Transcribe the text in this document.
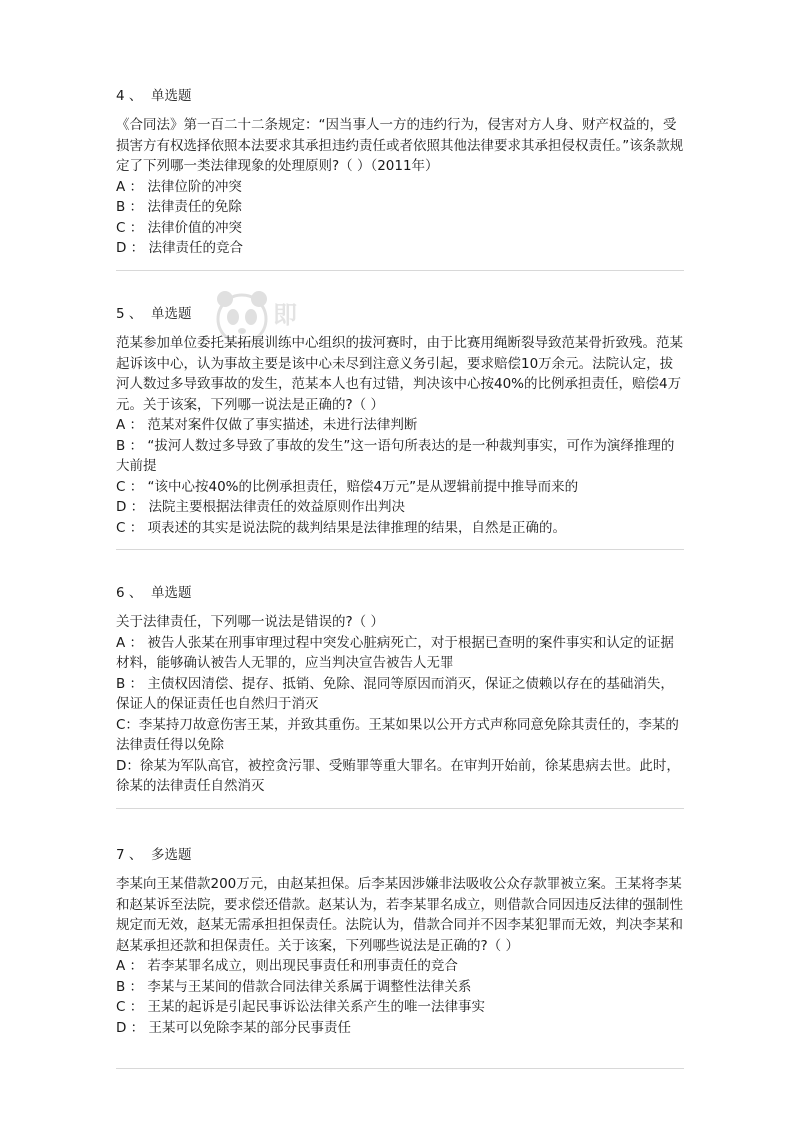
即
4 、  单选题

《合同法》第一百二十二条规定：“因当事人一方的违约行为，侵害对方人身、财产权益的，受损害方有权选择依照本法要求其承担违约责任或者依照其他法律要求其承担侵权责任。”该条款规定了下列哪一类法律现象的处理原则?（ ）（2011年）

A ： 法律位阶的冲突

B ： 法律责任的免除

C ： 法律价值的冲突

D ： 法律责任的竞合

5 、  单选题

范某参加单位委托某拓展训练中心组织的拔河赛时，由于比赛用绳断裂导致范某骨折致残。范某起诉该中心，认为事故主要是该中心未尽到注意义务引起，要求赔偿10万余元。法院认定，拔河人数过多导致事故的发生，范某本人也有过错，判决该中心按40%的比例承担责任，赔偿4万元。关于该案，下列哪一说法是正确的?（ ）

A ： 范某对案件仅做了事实描述，未进行法律判断

B ： “拔河人数过多导致了事故的发生”这一语句所表达的是一种裁判事实，可作为演绎推理的大前提

C ： “该中心按40%的比例承担责任，赔偿4万元”是从逻辑前提中推导而来的

D ： 法院主要根据法律责任的效益原则作出判决

C ： 项表述的其实是说法院的裁判结果是法律推理的结果，自然是正确的。

6 、  单选题

关于法律责任，下列哪一说法是错误的?（ ）

A ： 被告人张某在刑事审理过程中突发心脏病死亡，对于根据已查明的案件事实和认定的证据材料，能够确认被告人无罪的，应当判决宣告被告人无罪

B ： 主债权因清偿、提存、抵销、免除、混同等原因而消灭，保证之债赖以存在的基础消失，保证人的保证责任也自然归于消灭

C：李某持刀故意伤害王某，并致其重伤。王某如果以公开方式声称同意免除其责任的，李某的法律责任得以免除

D：徐某为军队高官，被控贪污罪、受贿罪等重大罪名。在审判开始前，徐某患病去世。此时，徐某的法律责任自然消灭

7 、  多选题

李某向王某借款200万元，由赵某担保。后李某因涉嫌非法吸收公众存款罪被立案。王某将李某和赵某诉至法院，要求偿还借款。赵某认为，若李某罪名成立，则借款合同因违反法律的强制性规定而无效，赵某无需承担担保责任。法院认为，借款合同并不因李某犯罪而无效，判决李某和赵某承担还款和担保责任。关于该案，下列哪些说法是正确的?（ ）

A ： 若李某罪名成立，则出现民事责任和刑事责任的竞合

B ： 李某与王某间的借款合同法律关系属于调整性法律关系

C ： 王某的起诉是引起民事诉讼法律关系产生的唯一法律事实

D ： 王某可以免除李某的部分民事责任
